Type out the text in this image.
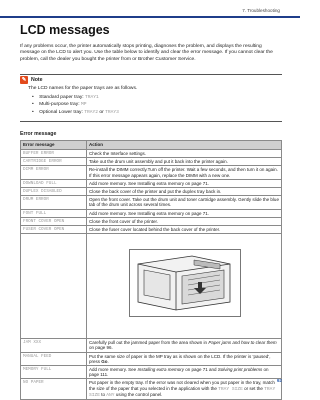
7. Troubleshooting
LCD messages

If any problems occur, the printer automatically stops printing, diagnoses the problem, and displays the resulting message on the LCD to alert you. Use the table below to identify and clear the error message. If you cannot clear the problem, call the dealer you bought the printer from or Brother Customer Service.

✎ Note

The LCD names for the paper trays are as follows.

• Standard paper tray: TRAY1
• Multi-purpose tray: MP
• Optional Lower tray: TRAY2 or TRAY3
Error message
Error message	Action
BUFFER ERROR	Check the Interface settings.
CARTRIDGE ERROR	Take out the drum unit assembly and put it back into the printer again.
DIMM ERROR	Re-install the DIMM correctly.Turn off the printer. Wait a few seconds, and then turn it on again. If this error message appears again, replace the DIMM with a new one.
DOWNLOAD FULL	Add more memory. See Installing extra memory on page 71.
DUPLEX DISABLED	Close the back cover of the printer and put the duplex tray back in.
DRUM ERROR	Open the front cover. Take out the drum unit and toner cartridge assembly. Gently slide the blue tab of the drum unit across several times.
FONT FULL	Add more memory. See Installing extra memory on page 71.
FRONT COVER OPEN	Close the front cover of the printer.
FUSER COVER OPEN	Close the fuser cover located behind the back cover of the printer.

JAM XXX	Carefully pull out the jammed paper from the area shown in Paper jams and how to clear them on page 96.
MANUAL FEED	Put the same size of paper in the MP tray as is shown on the LCD. If the printer is ‘paused’, press Go.
MEMORY FULL	Add more memory. See Installing extra memory on page 71 and Solving print problems on page 111.
NO PAPER	Put paper in the empty tray. If the error was not cleared when you put paper in the tray, match the size of the paper that you selected in the application with the TRAY SIZE or set the TRAY SIZE to ANY using the control panel.
92
